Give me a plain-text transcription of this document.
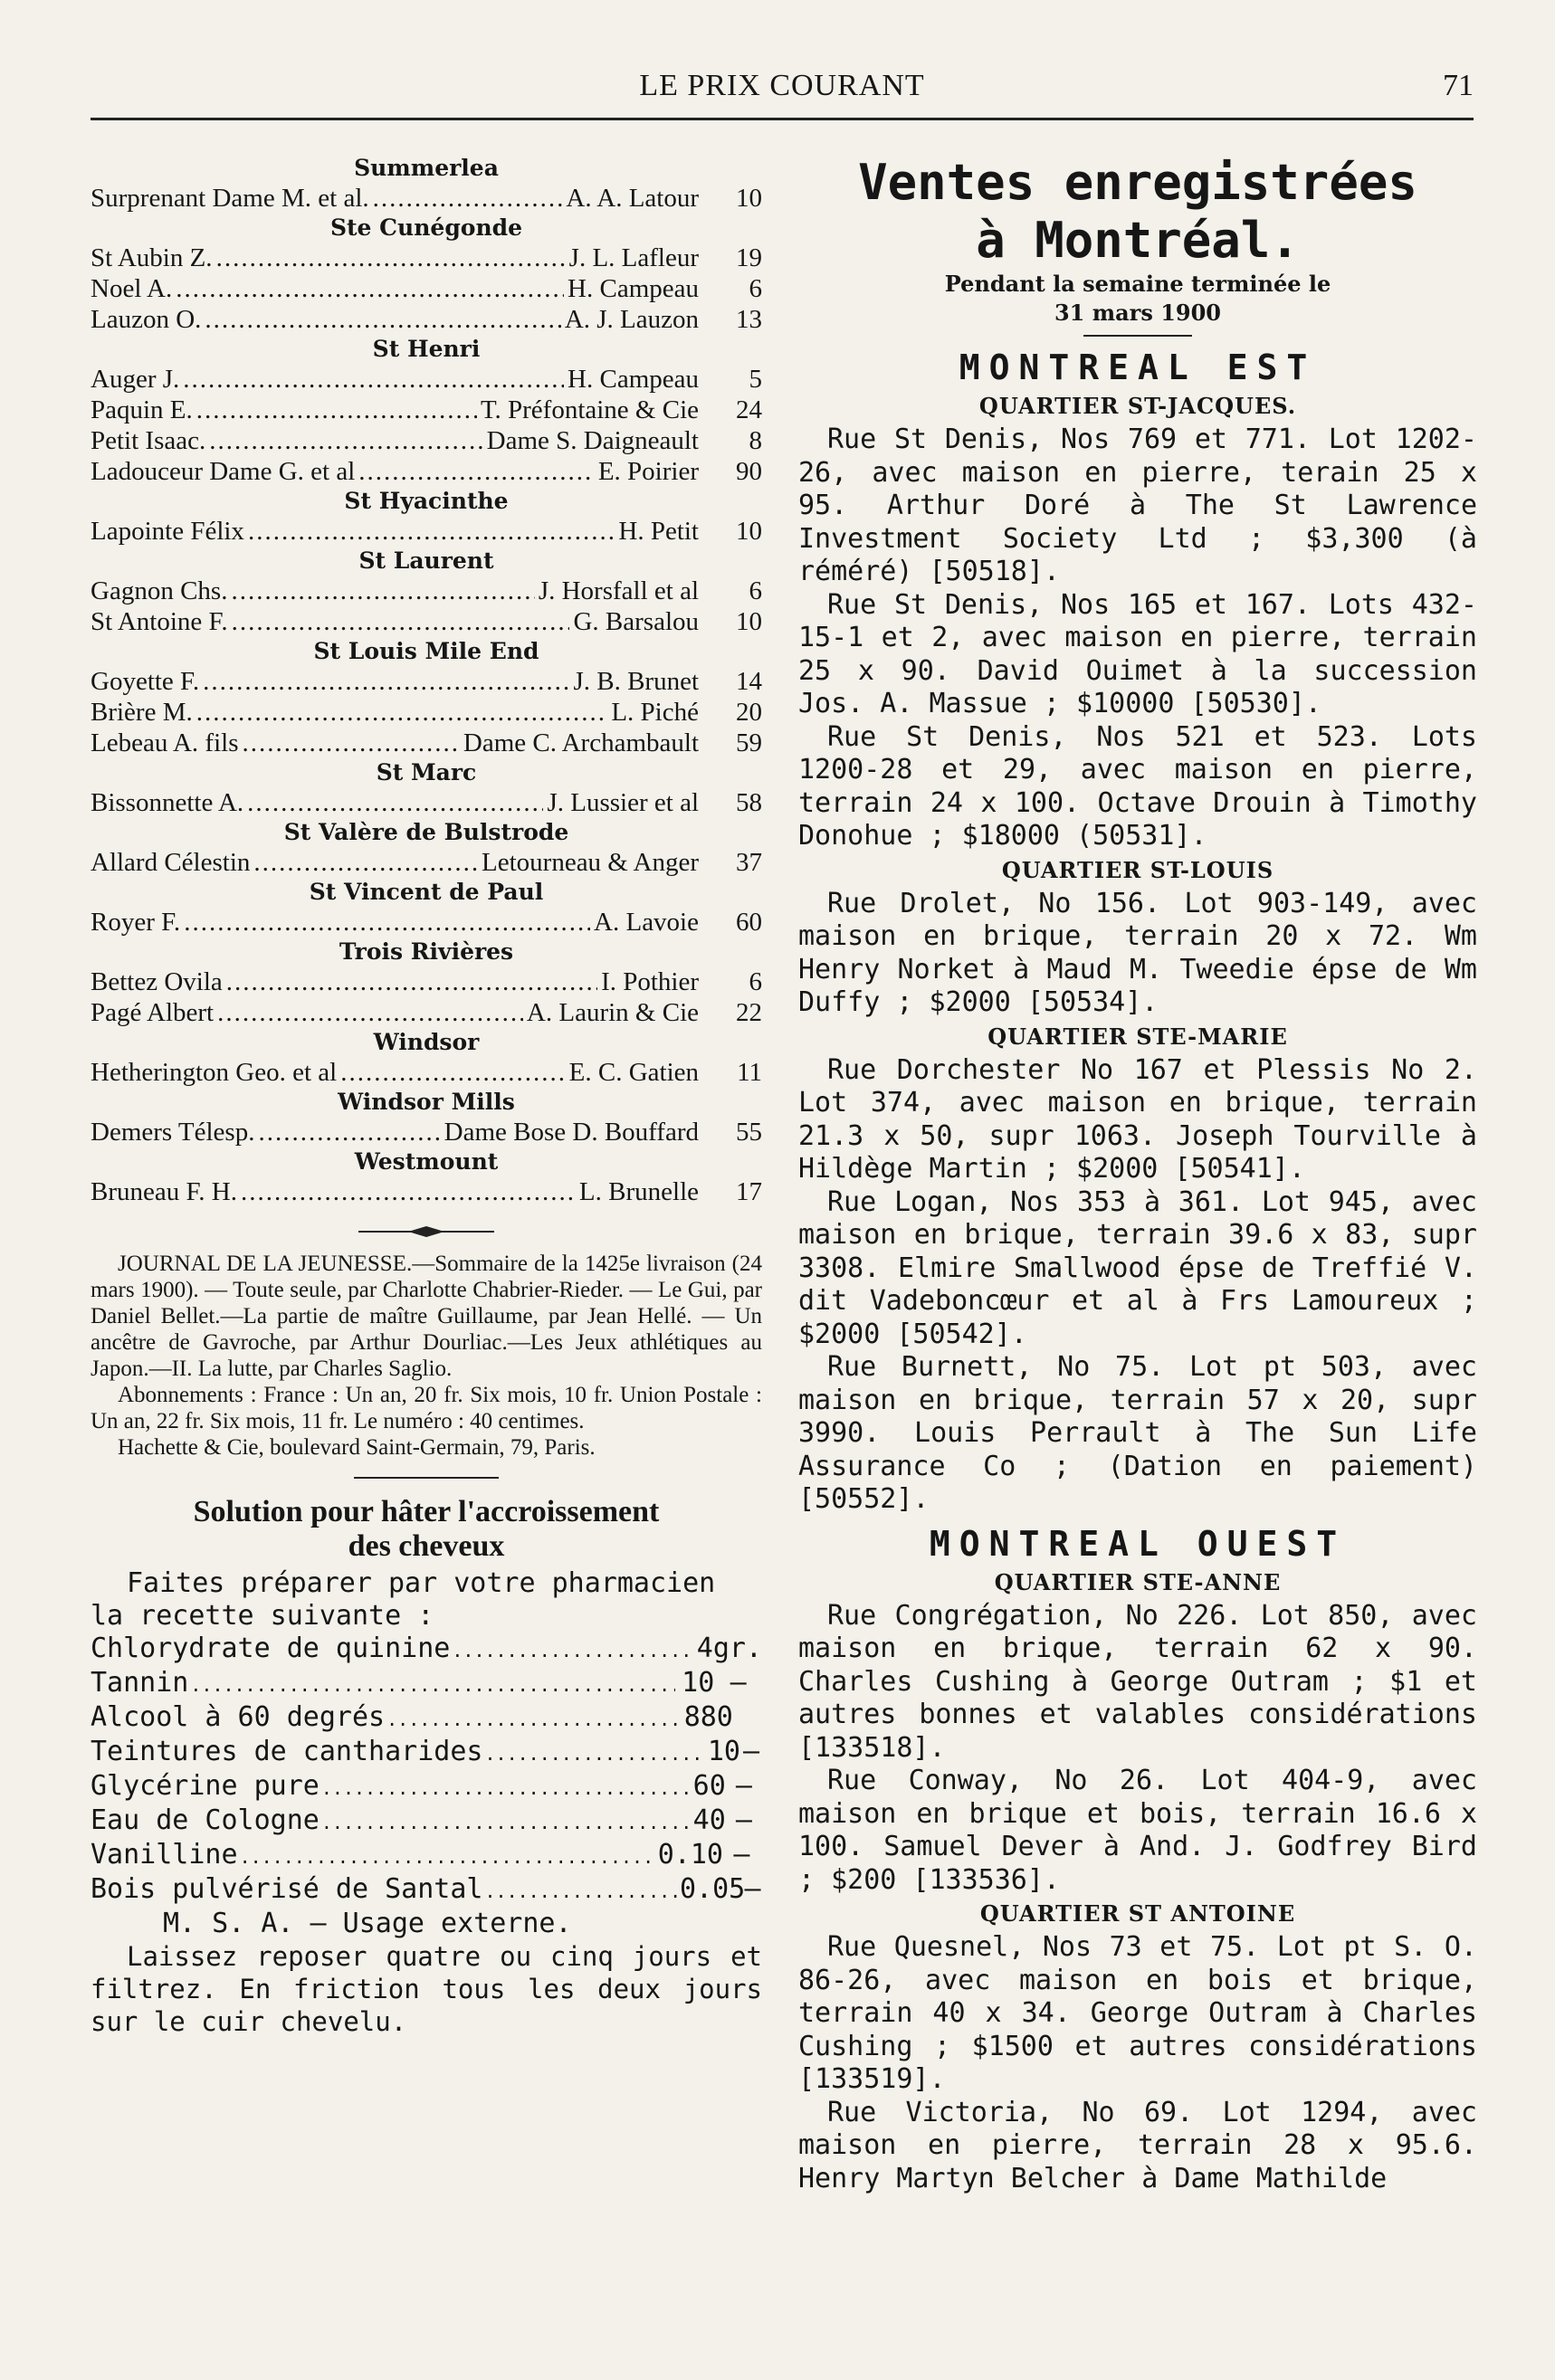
LE PRIX COURANT	71
Summerlea
Surprenant Dame M. et al. .....	A. A. Latour	10
Ste Cunégonde
St Aubin Z. .....	J. L. Lafleur	19
Noel A. .....	H. Campeau	6
Lauzon O. .....	A. J. Lauzon	13
St Henri
Auger J. .....	H. Campeau	5
Paquin E. .....	T. Préfontaine & Cie	24
Petit Isaac. .....	Dame S. Daigneault	8
Ladouceur Dame G. et al .....	E. Poirier	90
St Hyacinthe
Lapointe Félix .....	H. Petit	10
St Laurent
Gagnon Chs. .....	J. Horsfall et al	6
St Antoine F. .....	G. Barsalou	10
St Louis Mile End
Goyette F. .....	J. B. Brunet	14
Brière M. .....	L. Piché	20
Lebeau A. fils .....	Dame C. Archambault	59
St Marc
Bissonnette A. .....	J. Lussier et al	58
St Valère de Bulstrode
Allard Célestin .....	Letourneau & Anger	37
St Vincent de Paul
Royer F. .....	A. Lavoie	60
Trois Rivières
Bettez Ovila .....	I. Pothier	6
Pagé Albert .....	A. Laurin & Cie	22
Windsor
Hetherington Geo. et al .....	E. C. Gatien	11
Windsor Mills
Demers Télesp. .....	Dame Bose D. Bouffard	55
Westmount
Bruneau F. H. .....	L. Brunelle	17

JOURNAL DE LA JEUNESSE.—Sommaire de la 1425e livraison (24 mars 1900). — Toute seule, par Charlotte Chabrier-Rieder. — Le Gui, par Daniel Bellet.—La partie de maître Guillaume, par Jean Hellé. — Un ancêtre de Gavroche, par Arthur Dourliac.—Les Jeux athlétiques au Japon.—II. La lutte, par Charles Saglio.

Abonnements : France : Un an, 20 fr. Six mois, 10 fr. Union Postale : Un an, 22 fr. Six mois, 11 fr. Le numéro : 40 centimes.

Hachette & Cie, boulevard Saint-Germain, 79, Paris.

Solution pour hâter l'accroissement
des cheveux
Faites préparer par votre pharmacien la recette suivante :
Chlorydrate de quinine .....	4 gr.
Tannin .....	10 —
Alcool à 60 degrés .....	880
Teintures de cantharides .....	10 —
Glycérine pure .....	60 —
Eau de Cologne .....	40 —
Vanilline .....	0.10 —
Bois pulvérisé de Santal .....	0.05 —
M. S. A. — Usage externe.
Laissez reposer quatre ou cinq jours et filtrez. En friction tous les deux jours sur le cuir chevelu.
Ventes enregistrées
à Montréal.
Pendant la semaine terminée le
31 mars 1900
MONTREAL EST
QUARTIER ST-JACQUES.

Rue St Denis, Nos 769 et 771. Lot 1202-26, avec maison en pierre, terain 25 x 95. Arthur Doré à The St Lawrence Investment Society Ltd ; $3,300 (à réméré) [50518].

Rue St Denis, Nos 165 et 167. Lots 432-15-1 et 2, avec maison en pierre, terrain 25 x 90. David Ouimet à la succession Jos. A. Massue ; $10000 [50530].

Rue St Denis, Nos 521 et 523. Lots 1200-28 et 29, avec maison en pierre, terrain 24 x 100. Octave Drouin à Timothy Donohue ; $18000 (50531].

QUARTIER ST-LOUIS

Rue Drolet, No 156. Lot 903-149, avec maison en brique, terrain 20 x 72. Wm Henry Norket à Maud M. Tweedie épse de Wm Duffy ; $2000 [50534].

QUARTIER STE-MARIE

Rue Dorchester No 167 et Plessis No 2. Lot 374, avec maison en brique, terrain 21.3 x 50, supr 1063. Joseph Tourville à Hildège Martin ; $2000 [50541].

Rue Logan, Nos 353 à 361. Lot 945, avec maison en brique, terrain 39.6 x 83, supr 3308. Elmire Smallwood épse de Treffié V. dit Vadeboncœur et al à Frs Lamoureux ; $2000 [50542].

Rue Burnett, No 75. Lot pt 503, avec maison en brique, terrain 57 x 20, supr 3990. Louis Perrault à The Sun Life Assurance Co ; (Dation en paiement) [50552].

MONTREAL OUEST
QUARTIER STE-ANNE

Rue Congrégation, No 226. Lot 850, avec maison en brique, terrain 62 x 90. Charles Cushing à George Outram ; $1 et autres bonnes et valables considérations [133518].

Rue Conway, No 26. Lot 404-9, avec maison en brique et bois, terrain 16.6 x 100. Samuel Dever à And. J. Godfrey Bird ; $200 [133536].

QUARTIER ST ANTOINE

Rue Quesnel, Nos 73 et 75. Lot pt S. O. 86-26, avec maison en bois et brique, terrain 40 x 34. George Outram à Charles Cushing ; $1500 et autres considérations [133519].

Rue Victoria, No 69. Lot 1294, avec maison en pierre, terrain 28 x 95.6. Henry Martyn Belcher à Dame Mathilde
